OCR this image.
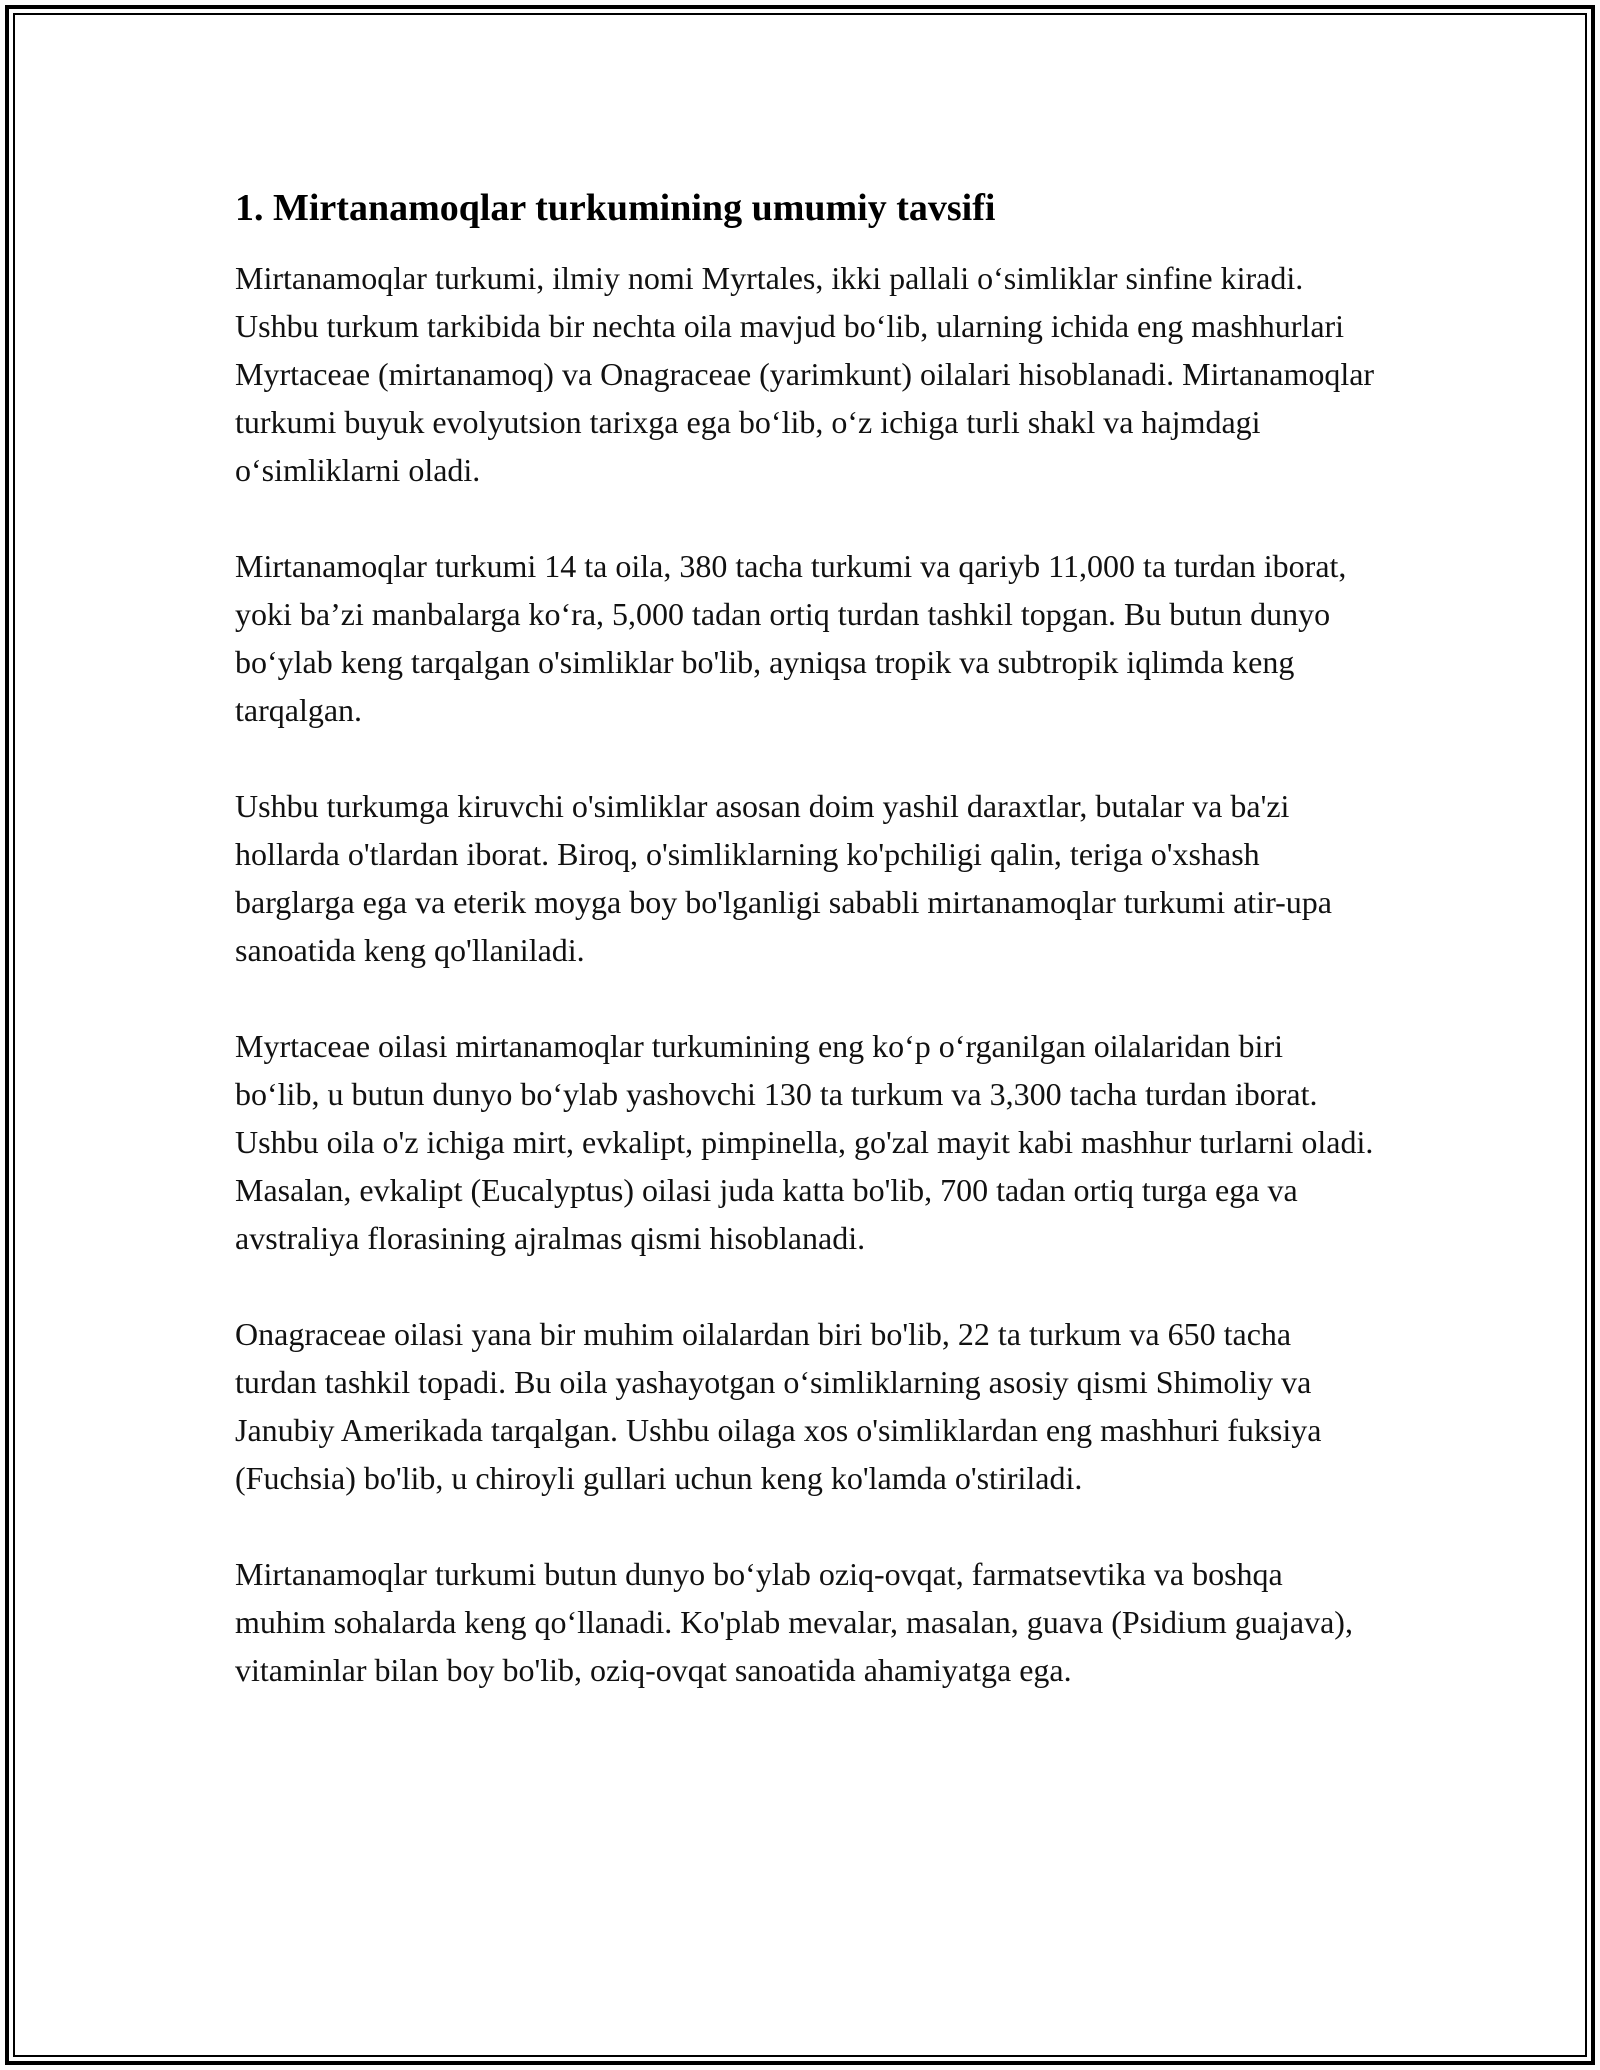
1. Mirtanamoqlar turkumining umumiy tavsifi

Mirtanamoqlar turkumi, ilmiy nomi Myrtales, ikki pallali o‘simliklar sinfine kiradi. Ushbu turkum tarkibida bir nechta oila mavjud bo‘lib, ularning ichida eng mashhurlari Myrtaceae (mirtanamoq) va Onagraceae (yarimkunt) oilalari hisoblanadi. Mirtanamoqlar turkumi buyuk evolyutsion tarixga ega bo‘lib, o‘z ichiga turli shakl va hajmdagi o‘simliklarni oladi.

Mirtanamoqlar turkumi 14 ta oila, 380 tacha turkumi va qariyb 11,000 ta turdan iborat, yoki ba’zi manbalarga ko‘ra, 5,000 tadan ortiq turdan tashkil topgan. Bu butun dunyo bo‘ylab keng tarqalgan o'simliklar bo'lib, ayniqsa tropik va subtropik iqlimda keng tarqalgan.

Ushbu turkumga kiruvchi o'simliklar asosan doim yashil daraxtlar, butalar va ba'zi hollarda o'tlardan iborat. Biroq, o'simliklarning ko'pchiligi qalin, teriga o'xshash barglarga ega va eterik moyga boy bo'lganligi sababli mirtanamoqlar turkumi atir-upa sanoatida keng qo'llaniladi.

Myrtaceae oilasi mirtanamoqlar turkumining eng ko‘p o‘rganilgan oilalaridan biri bo‘lib, u butun dunyo bo‘ylab yashovchi 130 ta turkum va 3,300 tacha turdan iborat. Ushbu oila o'z ichiga mirt, evkalipt, pimpinella, go'zal mayit kabi mashhur turlarni oladi. Masalan, evkalipt (Eucalyptus) oilasi juda katta bo'lib, 700 tadan ortiq turga ega va avstraliya florasining ajralmas qismi hisoblanadi.

Onagraceae oilasi yana bir muhim oilalardan biri bo'lib, 22 ta turkum va 650 tacha turdan tashkil topadi. Bu oila yashayotgan o‘simliklarning asosiy qismi Shimoliy va Janubiy Amerikada tarqalgan. Ushbu oilaga xos o'simliklardan eng mashhuri fuksiya (Fuchsia) bo'lib, u chiroyli gullari uchun keng ko'lamda o'stiriladi.

Mirtanamoqlar turkumi butun dunyo bo‘ylab oziq-ovqat, farmatsevtika va boshqa muhim sohalarda keng qo‘llanadi. Ko'plab mevalar, masalan, guava (Psidium guajava), vitaminlar bilan boy bo'lib, oziq-ovqat sanoatida ahamiyatga ega.
